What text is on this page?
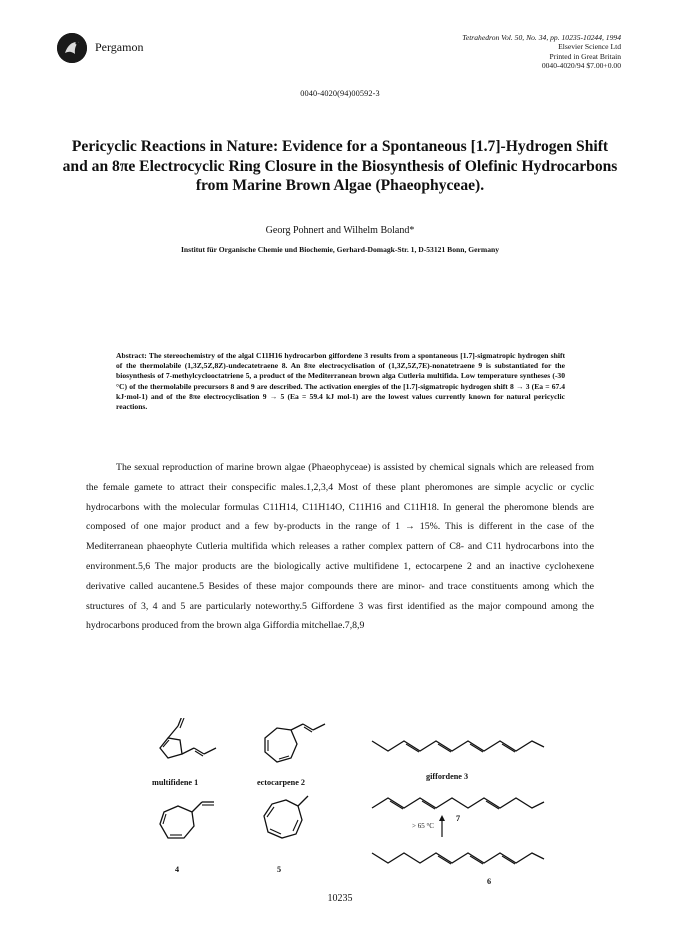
Pergamon
Tetrahedron Vol. 50, No. 34, pp. 10235-10244, 1994
Elsevier Science Ltd
Printed in Great Britain
0040-4020/94 $7.00+0.00
0040-4020(94)00592-3
Pericyclic Reactions in Nature: Evidence for a Spontaneous [1.7]-Hydrogen Shift and an 8πe Electrocyclic Ring Closure in the Biosynthesis of Olefinic Hydrocarbons from Marine Brown Algae (Phaeophyceae).
Georg Pohnert and Wilhelm Boland*
Institut für Organische Chemie und Biochemie, Gerhard-Domagk-Str. 1, D-53121 Bonn, Germany
Abstract: The stereochemistry of the algal C11H16 hydrocarbon giffordene 3 results from a spontaneous [1.7]-sigmatropic hydrogen shift of the thermolabile (1,3Z,5Z,8Z)-undecatetraene 8. An 8πe electrocyclisation of (1,3Z,5Z,7E)-nonatetraene 9 is substantiated for the biosynthesis of 7-methylcyclooctatriene 5, a product of the Mediterranean brown alga Cutleria multifida. Low temperature syntheses (-30 °C) of the thermolabile precursors 8 and 9 are described. The activation energies of the [1.7]-sigmatropic hydrogen shift 8 → 3 (Ea = 67.4 kJ·mol-1) and of the 8πe electrocyclisation 9 → 5 (Ea = 59.4 kJ mol-1) are the lowest values currently known for natural pericyclic reactions.

The sexual reproduction of marine brown algae (Phaeophyceae) is assisted by chemical signals which are released from the female gamete to attract their conspecific males.1,2,3,4 Most of these plant pheromones are simple acyclic or cyclic hydrocarbons with the molecular formulas C11H14, C11H14O, C11H16 and C11H18. In general the pheromone blends are composed of one major product and a few by-products in the range of 1 → 15%. This is different in the case of the Mediterranean phaeophyte Cutleria multifida which releases a rather complex pattern of C8- and C11 hydrocarbons into the environment.5,6 The major products are the biologically active multifidene 1, ectocarpene 2 and an inactive cyclohexene derivative called aucantene.5 Besides of these major compounds there are minor- and trace constituents among which the structures of 3, 4 and 5 are particularly noteworthy.5 Giffordene 3 was first identified as the major compound among the hydrocarbons produced from the brown alga Giffordia mitchellae.7,8,9

multifidene 1	ectocarpene 2
giffordene 3
> 65 °C
7
6
4	5
10235
